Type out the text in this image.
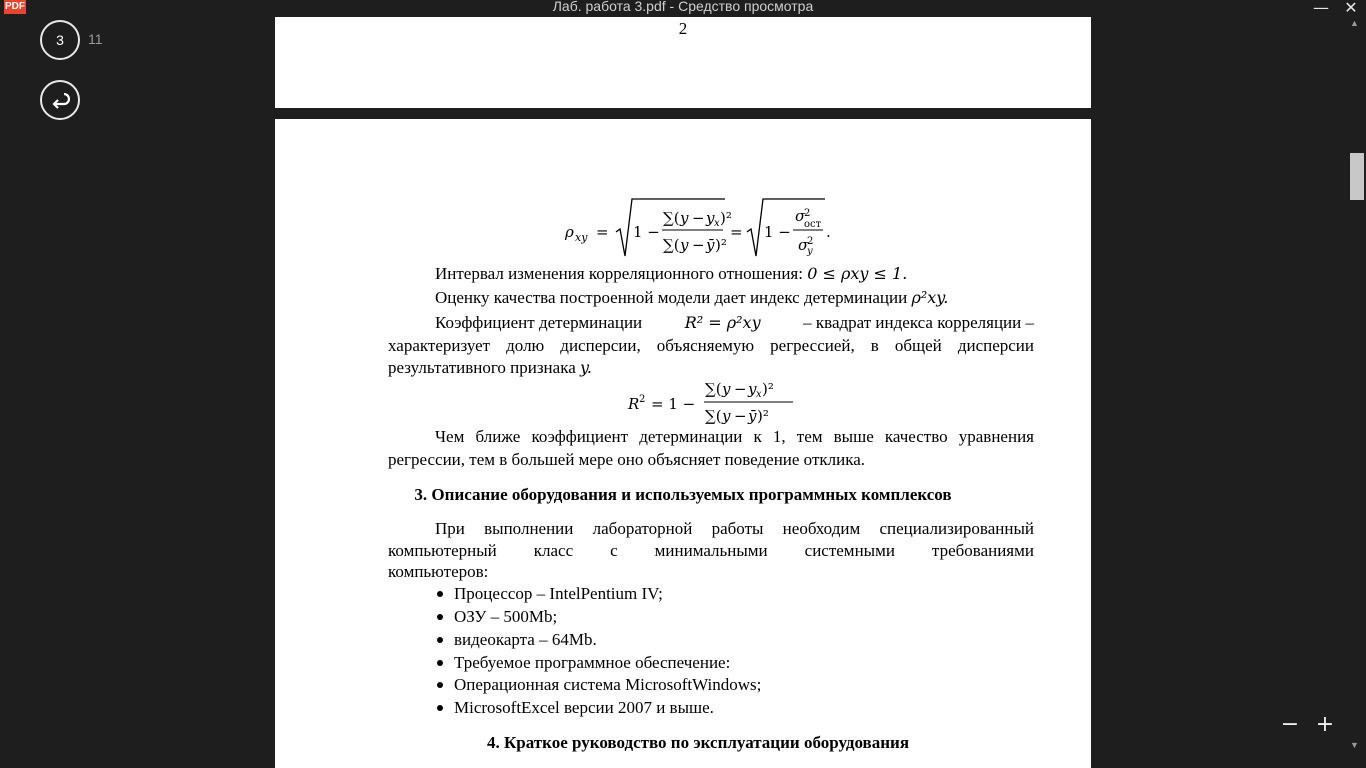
PDF	Лаб. работа 3.pdf - Средство просмотра	— ✕
3 11
2
ρ xy = 1 −
∑( y − y x )²
∑( y − ȳ )²
= 1 −
σ
2
ост
σ
2
y
.
Интервал изменения корреляционного отношения: 0 ≤ ρxy ≤ 1.
Оценку качества построенной модели дает индекс детерминации ρ²xy.
Коэффициент детерминации	R² = ρ²xy	– квадрат индекса корреляции –
характеризует долю дисперсии, объясняемую регрессией, в общей дисперсии
результативного признака y.
R 2 = 1 −
∑( y − y x )²
∑( y − ȳ )²
Чем ближе коэффициент детерминации к 1, тем выше качество уравнения
регрессии, тем в большей мере оно объясняет поведение отклика.
3. Описание оборудования и используемых программных комплексов
При выполнении лабораторной работы необходим специализированный
компьютерный класс с минимальными системными требованиями
компьютеров:
Процессор – IntelPentium IV;
ОЗУ – 500Mb;
видеокарта – 64Mb.
Требуемое программное обеспечение:
Операционная система MicrosoftWindows;
MicrosoftExcel версии 2007 и выше.
4. Краткое руководство по эксплуатации оборудования
▲
▼
− +
